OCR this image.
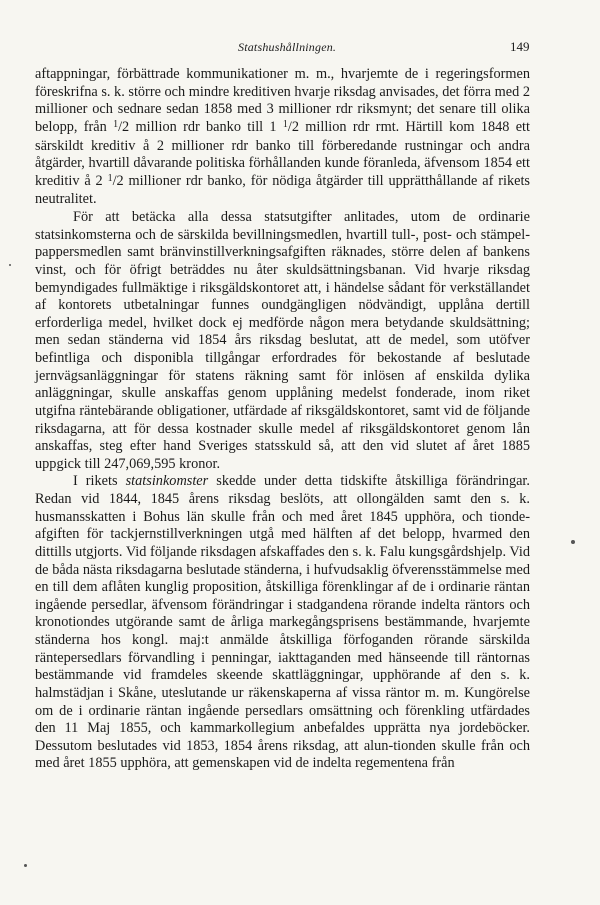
Statshushållningen.	149

aftappningar, förbättrade kommunikationer m. m., hvarjemte de i regeringsformen föreskrifna s. k. större och mindre kreditiven hvarje riksdag anvisades, det förra med 2 millioner och sednare sedan 1858 med 3 millioner rdr riksmynt; det senare till olika belopp, från $^1$/2 million rdr banko till 1 $^1$/2 million rdr rmt. Härtill kom 1848 ett särskildt kreditiv å 2 millioner rdr banko till förberedande rustningar och andra åtgärder, hvartill dåvarande politiska förhållanden kunde föranleda, äfvensom 1854 ett kreditiv å 2 $^1$/2 millioner rdr banko, för nödiga åtgärder till upprätthållande af rikets neutralitet.

För att betäcka alla dessa statsutgifter anlitades, utom de ordinarie statsinkomsterna och de särskilda bevillningsmedlen, hvartill tull-, post- och stämpel-pappersmedlen samt bränvinstillverkningsafgiften räknades, större delen af bankens vinst, och för öfrigt beträddes nu åter skuldsättningsbanan. Vid hvarje riksdag bemyndigades fullmäktige i riksgäldskontoret att, i händelse sådant för verkställandet af kontorets utbetalningar funnes oundgängligen nödvändigt, upplåna dertill erforderliga medel, hvilket dock ej medförde någon mera betydande skuldsättning; men sedan ständerna vid 1854 års riksdag beslutat, att de medel, som utöfver befintliga och disponibla tillgångar erfordrades för bekostande af beslutade jernvägsanläggningar för statens räkning samt för inlösen af enskilda dylika anläggningar, skulle anskaffas genom upplåning medelst fonderade, inom riket utgifna räntebärande obligationer, utfärdade af riksgäldskontoret, samt vid de följande riksdagarna, att för dessa kostnader skulle medel af riksgäldskontoret genom lån anskaffas, steg efter hand Sveriges statsskuld så, att den vid slutet af året 1885 uppgick till 247,069,595 kronor.

I rikets statsinkomster skedde under detta tidskifte åtskilliga förändringar. Redan vid 1844, 1845 årens riksdag beslöts, att ollongälden samt den s. k. husmansskatten i Bohus län skulle från och med året 1845 upphöra, och tionde-afgiften för tackjernstillverkningen utgå med hälften af det belopp, hvarmed den dittills utgjorts. Vid följande riksdagen afskaffades den s. k. Falu kungsgårdshjelp. Vid de båda nästa riksdagarna beslutade ständerna, i hufvudsaklig öfverensstämmelse med en till dem aflåten kunglig proposition, åtskilliga förenklingar af de i ordinarie räntan ingående persedlar, äfvensom förändringar i stadgandena rörande indelta räntors och kronotiondes utgörande samt de årliga markegångsprisens bestämmande, hvarjemte ständerna hos kongl. maj:t anmälde åtskilliga förfoganden rörande särskilda räntepersedlars förvandling i penningar, iakttaganden med hänseende till räntornas bestämmande vid framdeles skeende skattläggningar, upphörande af den s. k. halmstädjan i Skåne, uteslutande ur räkenskaperna af vissa räntor m. m. Kungörelse om de i ordinarie räntan ingående persedlars omsättning och förenkling utfärdades den 11 Maj 1855, och kammarkollegium anbefaldes upprätta nya jordeböcker. Dessutom beslutades vid 1853, 1854 årens riksdag, att alun-tionden skulle från och med året 1855 upphöra, att gemenskapen vid de indelta regementena från
